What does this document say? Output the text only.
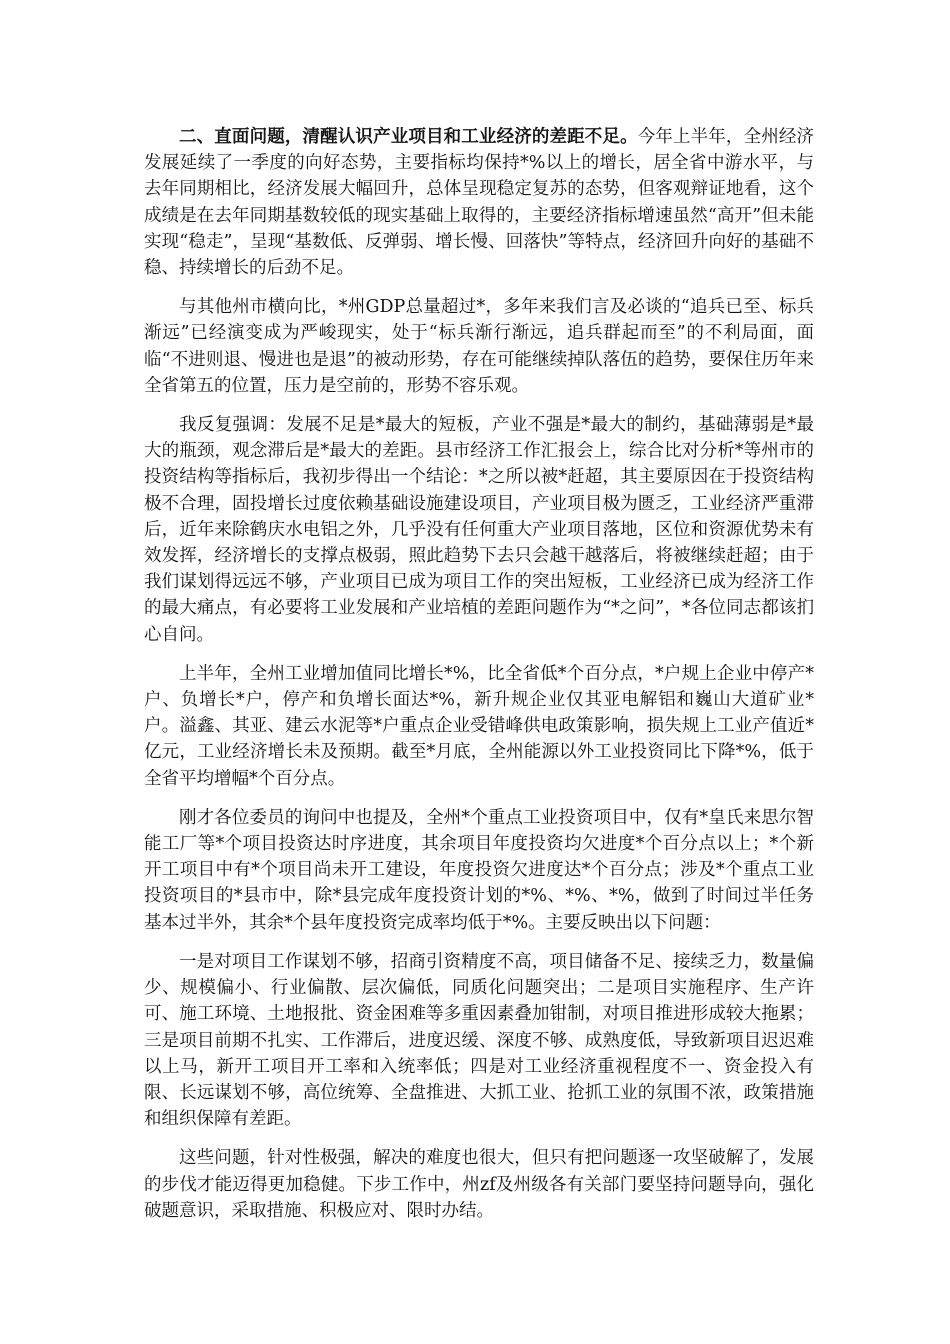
二、直面问题，清醒认识产业项目和工业经济的差距不足。今年上半年，全州经济发展延续了一季度的向好态势，主要指标均保持*%以上的增长，居全省中游水平，与去年同期相比，经济发展大幅回升，总体呈现稳定复苏的态势，但客观辩证地看，这个成绩是在去年同期基数较低的现实基础上取得的，主要经济指标增速虽然“高开”但未能实现“稳走”，呈现“基数低、反弹弱、增长慢、回落快”等特点，经济回升向好的基础不稳、持续增长的后劲不足。

与其他州市横向比，*州GDP总量超过*，多年来我们言及必谈的“追兵已至、标兵渐远”已经演变成为严峻现实，处于“标兵渐行渐远，追兵群起而至”的不利局面，面临“不进则退、慢进也是退”的被动形势，存在可能继续掉队落伍的趋势，要保住历年来全省第五的位置，压力是空前的，形势不容乐观。

我反复强调：发展不足是*最大的短板，产业不强是*最大的制约，基础薄弱是*最大的瓶颈，观念滞后是*最大的差距。县市经济工作汇报会上，综合比对分析*等州市的投资结构等指标后，我初步得出一个结论：*之所以被*赶超，其主要原因在于投资结构极不合理，固投增长过度依赖基础设施建设项目，产业项目极为匮乏，工业经济严重滞后，近年来除鹤庆水电铝之外，几乎没有任何重大产业项目落地，区位和资源优势未有效发挥，经济增长的支撑点极弱，照此趋势下去只会越干越落后，将被继续赶超；由于我们谋划得远远不够，产业项目已成为项目工作的突出短板，工业经济已成为经济工作的最大痛点，有必要将工业发展和产业培植的差距问题作为“*之问”，*各位同志都该扪心自问。

上半年，全州工业增加值同比增长*%，比全省低*个百分点，*户规上企业中停产*户、负增长*户，停产和负增长面达*%，新升规企业仅其亚电解铝和巍山大道矿业*户。溢鑫、其亚、建云水泥等*户重点企业受错峰供电政策影响，损失规上工业产值近*亿元，工业经济增长未及预期。截至*月底，全州能源以外工业投资同比下降*%，低于全省平均增幅*个百分点。

刚才各位委员的询问中也提及，全州*个重点工业投资项目中，仅有*皇氏来思尔智能工厂等*个项目投资达时序进度，其余项目年度投资均欠进度*个百分点以上；*个新开工项目中有*个项目尚未开工建设，年度投资欠进度达*个百分点；涉及*个重点工业投资项目的*县市中，除*县完成年度投资计划的*%、*%、*%，做到了时间过半任务基本过半外，其余*个县年度投资完成率均低于*%。主要反映出以下问题：

一是对项目工作谋划不够，招商引资精度不高，项目储备不足、接续乏力，数量偏少、规模偏小、行业偏散、层次偏低，同质化问题突出；二是项目实施程序、生产许可、施工环境、土地报批、资金困难等多重因素叠加钳制，对项目推进形成较大拖累；三是项目前期不扎实、工作滞后，进度迟缓、深度不够、成熟度低，导致新项目迟迟难以上马，新开工项目开工率和入统率低；四是对工业经济重视程度不一、资金投入有限、长远谋划不够，高位统筹、全盘推进、大抓工业、抢抓工业的氛围不浓，政策措施和组织保障有差距。

这些问题，针对性极强，解决的难度也很大，但只有把问题逐一攻坚破解了，发展的步伐才能迈得更加稳健。下步工作中，州zf及州级各有关部门要坚持问题导向，强化破题意识，采取措施、积极应对、限时办结。
